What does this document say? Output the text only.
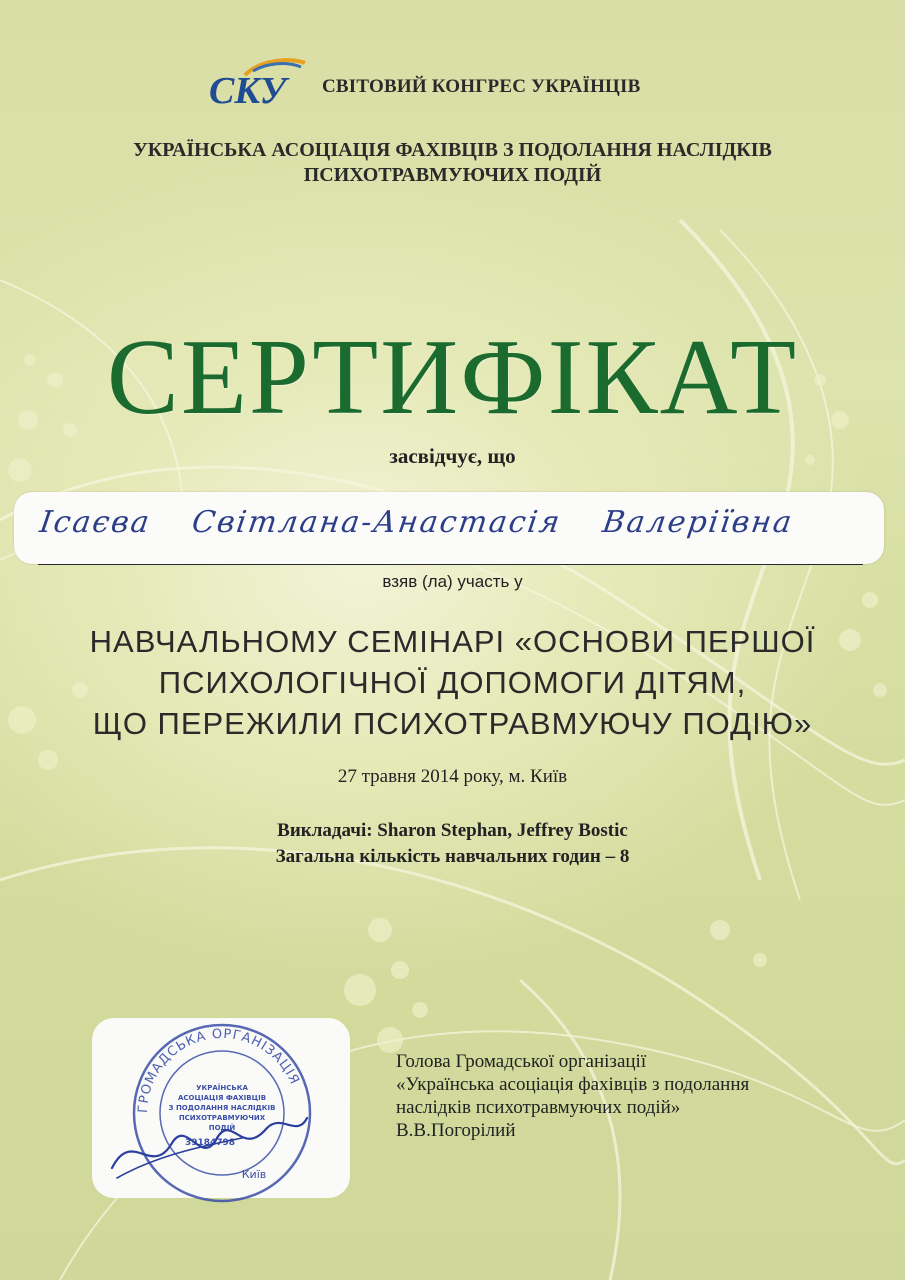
СКУ СВІТОВИЙ КОНГРЕС УКРАЇНЦІВ
УКРАЇНСЬКА АСОЦІАЦІЯ ФАХІВЦІВ З ПОДОЛАННЯ НАСЛІДКІВ
ПСИХОТРАВМУЮЧИХ ПОДІЙ
СЕРТИФІКАТ
засвідчує, що
Ісаєва Світлана-Анастасія Валеріївна
взяв (ла) участь у
НАВЧАЛЬНОМУ СЕМІНАРІ «ОСНОВИ ПЕРШОЇ
ПСИХОЛОГІЧНОЇ ДОПОМОГИ ДІТЯМ,
ЩО ПЕРЕЖИЛИ ПСИХОТРАВМУЮЧУ ПОДІЮ»
27 травня 2014 року, м. Київ
Викладачі: Sharon Stephan, Jeffrey Bostic
Загальна кількість навчальних годин – 8
ГРОМАДСЬКА ОРГАНІЗАЦІЯ
УКРАЇНСЬКА
АСОЦІАЦІЯ ФАХІВЦІВ
З ПОДОЛАННЯ НАСЛІДКІВ
ПСИХОТРАВМУЮЧИХ
ПОДІЙ
39184798
Київ
Голова Громадської організації
«Українська асоціація фахівців з подолання
наслідків психотравмуючих подій»
В.В.Погорілий
